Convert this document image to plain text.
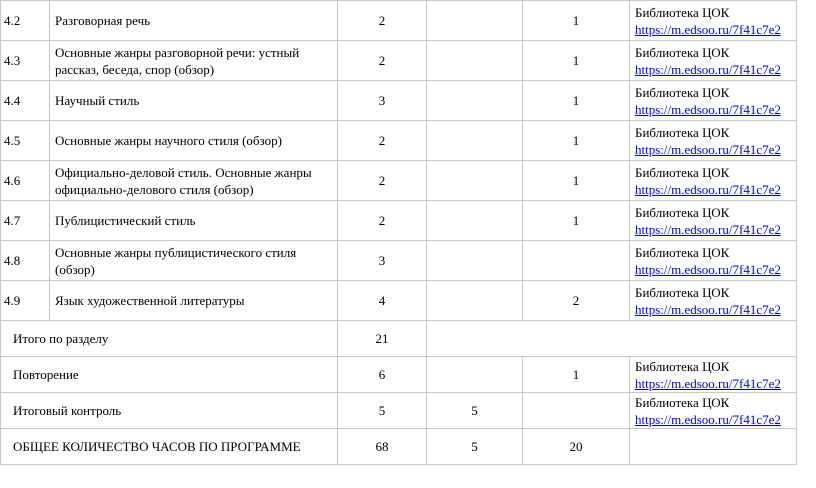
4.2	Разговорная речь	2		1	Библиотека ЦОК
https://m.edsoo.ru/7f41c7e2

4.3	Основные жанры разговорной речи: устный рассказ, беседа, спор (обзор)	2		1	Библиотека ЦОК
https://m.edsoo.ru/7f41c7e2

4.4	Научный стиль	3		1	Библиотека ЦОК
https://m.edsoo.ru/7f41c7e2

4.5	Основные жанры научного стиля (обзор)	2		1	Библиотека ЦОК
https://m.edsoo.ru/7f41c7e2

4.6	Официально-деловой стиль. Основные жанры официально-делового стиля (обзор)	2		1	Библиотека ЦОК
https://m.edsoo.ru/7f41c7e2

4.7	Публицистический стиль	2		1	Библиотека ЦОК
https://m.edsoo.ru/7f41c7e2

4.8	Основные жанры публицистического стиля (обзор)	3			Библиотека ЦОК
https://m.edsoo.ru/7f41c7e2

4.9	Язык художественной литературы	4		2	Библиотека ЦОК
https://m.edsoo.ru/7f41c7e2

Итого по разделу		21			
Повторение		6		1	Библиотека ЦОК
https://m.edsoo.ru/7f41c7e2

Итоговый контроль		5	5		Библиотека ЦОК
https://m.edsoo.ru/7f41c7e2

ОБЩЕЕ КОЛИЧЕСТВО ЧАСОВ ПО ПРОГРАММЕ		68	5	20	
